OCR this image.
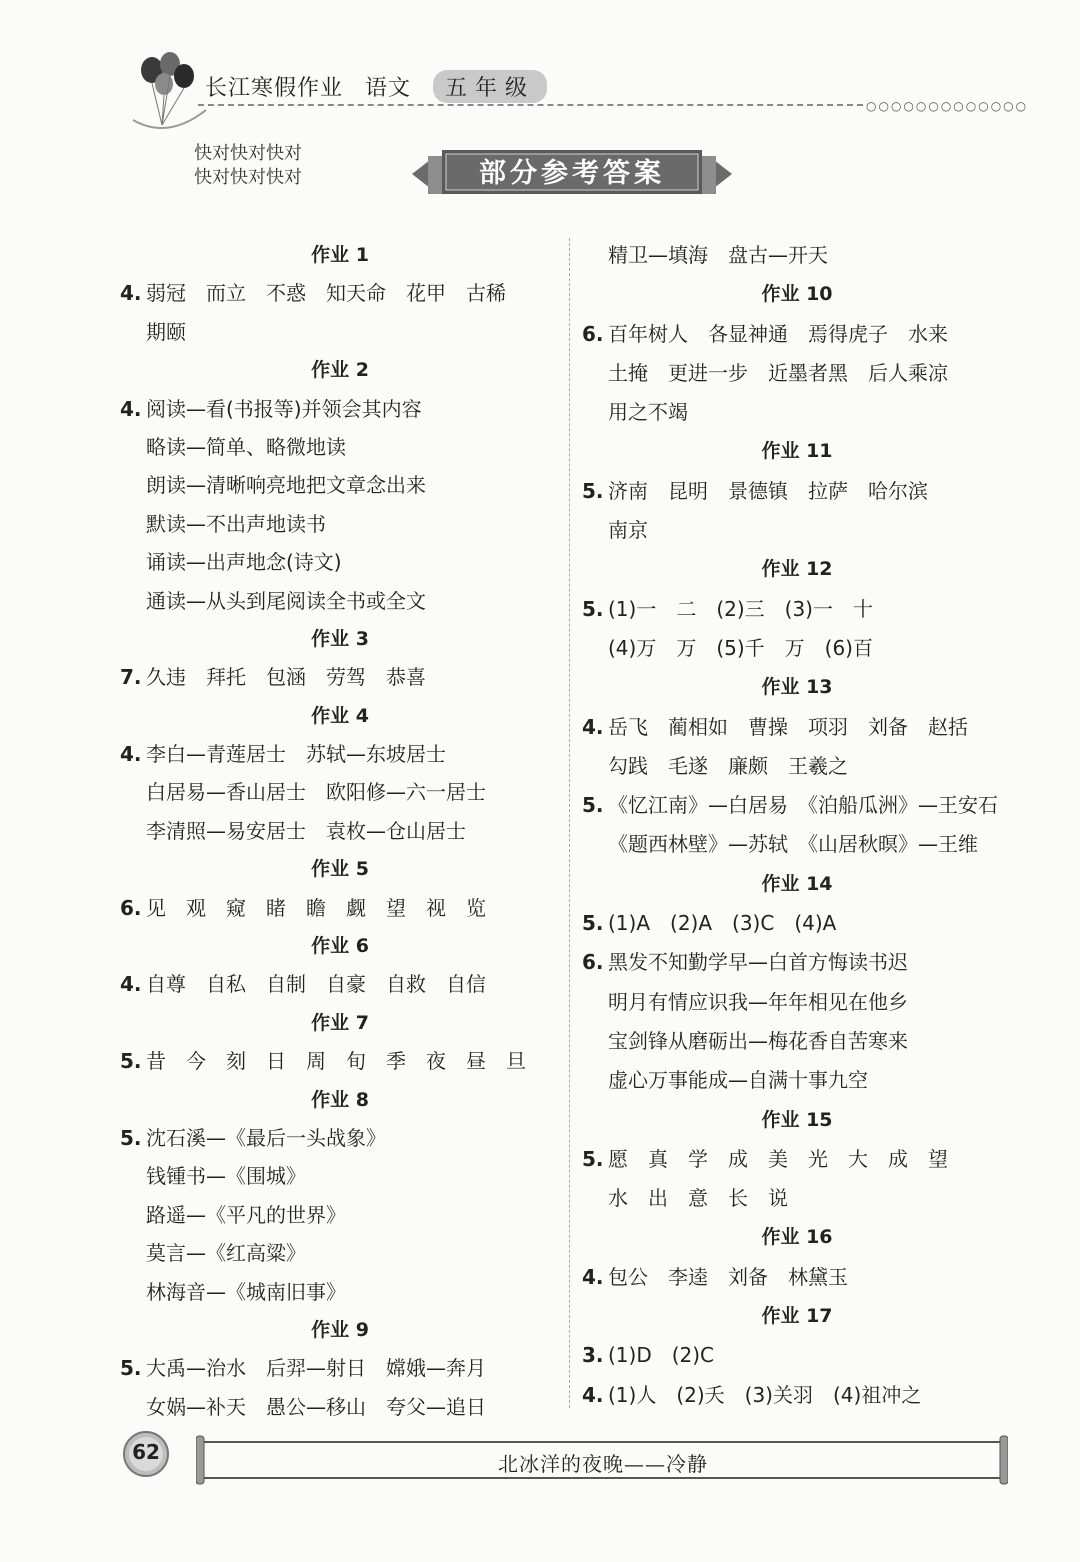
长江寒假作业 语文 五年级
○○○○○○○○○○○○○
快对快对快对
快对快对快对	部分参考答案
作业 1
4. 弱冠　而立　不惑　知天命　花甲　古稀
期颐
作业 2
4. 阅读—看(书报等)并领会其内容
略读—简单、略微地读
朗读—清晰响亮地把文章念出来
默读—不出声地读书
诵读—出声地念(诗文)
通读—从头到尾阅读全书或全文
作业 3
7. 久违　拜托　包涵　劳驾　恭喜
作业 4
4. 李白—青莲居士　苏轼—东坡居士
白居易—香山居士　欧阳修—六一居士
李清照—易安居士　袁枚—仓山居士
作业 5
6. 见　观　窥　睹　瞻　觑　望　视　览
作业 6
4. 自尊　自私　自制　自豪　自救　自信
作业 7
5. 昔　今　刻　日　周　旬　季　夜　昼　旦
作业 8
5. 沈石溪—《最后一头战象》
钱锺书—《围城》
路遥—《平凡的世界》
莫言—《红高粱》
林海音—《城南旧事》
作业 9
5. 大禹—治水　后羿—射日　嫦娥—奔月
女娲—补天　愚公—移山　夸父—追日
精卫—填海　盘古—开天
作业 10
6. 百年树人　各显神通　焉得虎子　水来
土掩　更进一步　近墨者黑　后人乘凉
用之不竭
作业 11
5. 济南　昆明　景德镇　拉萨　哈尔滨
南京
作业 12
5. (1)一　二　(2)三　(3)一　十
(4)万　万　(5)千　万　(6)百
作业 13
4. 岳飞　蔺相如　曹操　项羽　刘备　赵括
勾践　毛遂　廉颇　王羲之
5. 《忆江南》—白居易　《泊船瓜洲》—王安石
《题西林壁》—苏轼　《山居秋暝》—王维
作业 14
5. (1)A　(2)A　(3)C　(4)A
6. 黑发不知勤学早—白首方悔读书迟
明月有情应识我—年年相见在他乡
宝剑锋从磨砺出—梅花香自苦寒来
虚心万事能成—自满十事九空
作业 15
5. 愿　真　学　成　美　光　大　成　望
水　出　意　长　说
作业 16
4. 包公　李逵　刘备　林黛玉
作业 17
3. (1)D　(2)C
4. (1)人　(2)夭　(3)关羽　(4)祖冲之
62	北冰洋的夜晚——冷静
